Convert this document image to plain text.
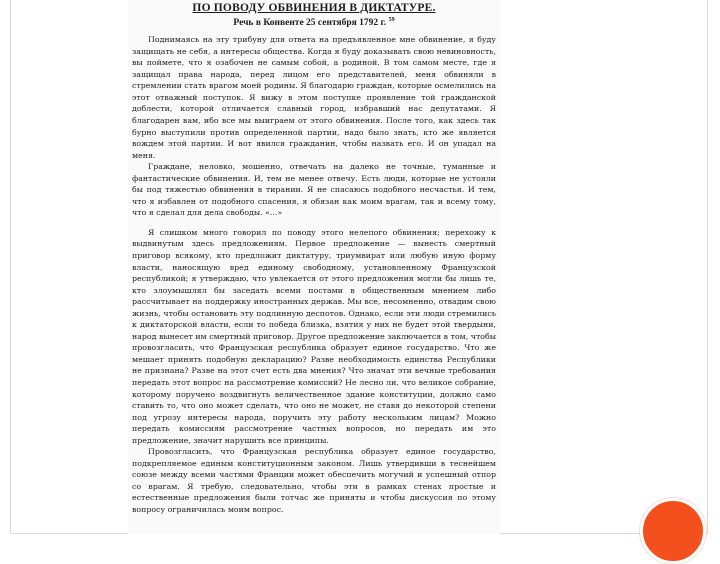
ПО ПОВОДУ ОБВИНЕНИЯ В ДИКТАТУРЕ.
Речь в Конвенте 25 сентября 1792 г. $^{59}$

Поднимаясь на эту трибуну для ответа на предъявленное мне обвинение, я буду защищать не себя, а интересы общества. Когда я буду доказывать свою невиновность, вы поймете, что я озабочен не самым собой, а родиной. В том самом месте, где я защищал права народа, перед лицом его представителей, меня обвиняли в стремлении стать врагом моей родины. Я благодарю граждан, которые осмелились на этот отважный поступок. Я вижу в этом поступке проявление той гражданской доблести, которой отличается славный город, избравший нас депутатами. Я благодарен вам, ибо все мы выиграем от этого обвинения. После того, как здесь так бурно выступили против определенной партии, надо было знать, кто же является вождем этой партии. И вот явился гражданин, чтобы назвать его. И он упадал на меня.

Граждане, неловко, мошенно, отвечать на далеко не точные, туманные и фантастические обвинения. И, тем не менее отвечу. Есть люди, которые не устояли бы под тяжестью обвинения в тирании. Я не спасаюсь подобного несчастья. И тем, что я избавлен от подобного спасения, я обязан как моим врагам, так и всему тому, что я сделал для дела свободы. «...»

Я слишком много говорил по поводу этого нелепого обвинения; перехожу к выдвинутым здесь предложениям. Первое предложение — вынесть смертный приговор всякому, кто предложит диктатуру, триумвират или любую иную форму власти, наносящую вред единому свободному, установленному Французской республикой; я утверждаю, что увлекается от этого предложения могли бы лишь те, кто злоумышлял бы заседать всеми постами в общественным мнением либо рассчитывает на поддержку иностранных держав. Мы все, несомненно, отвадим свою жизнь, чтобы остановить эту подлинную деспотов. Однако, если эти люди стремились к диктаторской власти, если то победа близка, взятия у них не будет этой твердыни, народ вынесет им смертный приговор. Другое предложение заключается в том, чтобы провозгласить, что Французская республика образует единое государство. Что же мешает принять подобную декларацию? Разве необходимость единства Республики не признана? Разве на этот счет есть два мнения? Что значат эти вечные требования передать этот вопрос на рассмотрение комиссий? Не лесно ли, что великое собрание, которому поручено воздвигнуть величественное здание конституции, должно само ставить то, что оно может сделать, что оно не может, не ставя до некоторой степени под угрозу интересы народа, поручить эту работу нескольким лицам? Можно передать комиссиям рассмотрение частных вопросов, но передать им это предложение, значит нарушить все принципы.

Провозгласить, что Французская республика образует единое государство, подкрепляемое единым конституционным законом. Лишь утвердивши в теснейшем союзе между всеми частями Франции может обеспечить могучий и успешный отпор со врагам. Я требую, следовательно, чтобы эти в рамках стенах простые и естественные предложения были тотчас же приняты и чтобы дискуссия по этому вопросу ограничилась моим вопрос.
